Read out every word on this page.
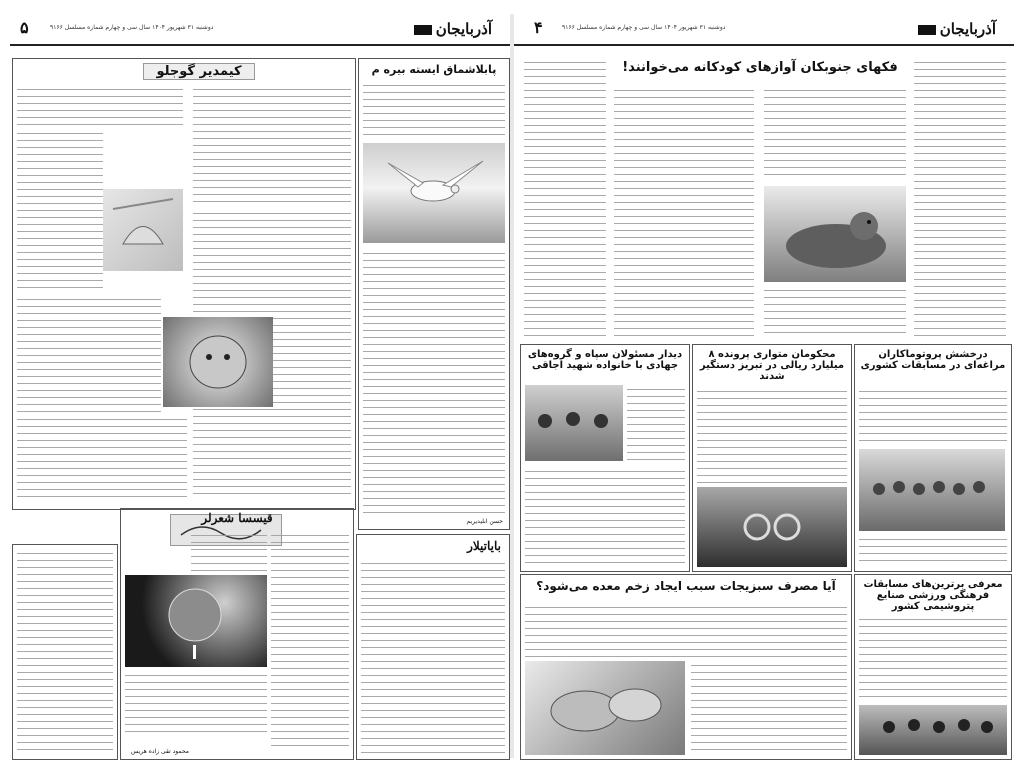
۵	دوشنبه ۳۱ شهریور ۱۴۰۴ سال سی و چهارم شماره مسلسل ۹۱۶۶	آذربایجان
پابلاشماق ایسته بیره م
حسن ابلیدیریم
کیمدیر گوجلو
قیسسا شعرلر
محمود تقی زاده هریس
بایاتیلار
۴	دوشنبه ۳۱ شهریور ۱۴۰۴ سال سی و چهارم شماره مسلسل ۹۱۶۶	آذربایجان
فکهای جنوبکان آوازهای کودکانه می‌خوانند!
درخشش پروتوماکاران مراغه‌ای در مسابقات کشوری
محکومان متواری پرونده ۸ میلیارد ریالی در تبریز دستگیر شدند
دیدار مسئولان سپاه و گروه‌های جهادی با خانواده شهید اجاقی
معرفی برترین‌های مسابقات فرهنگی ورزشی صنایع پتروشیمی کشور
آیا مصرف سبزیجات سبب ایجاد زخم معده می‌شود؟
